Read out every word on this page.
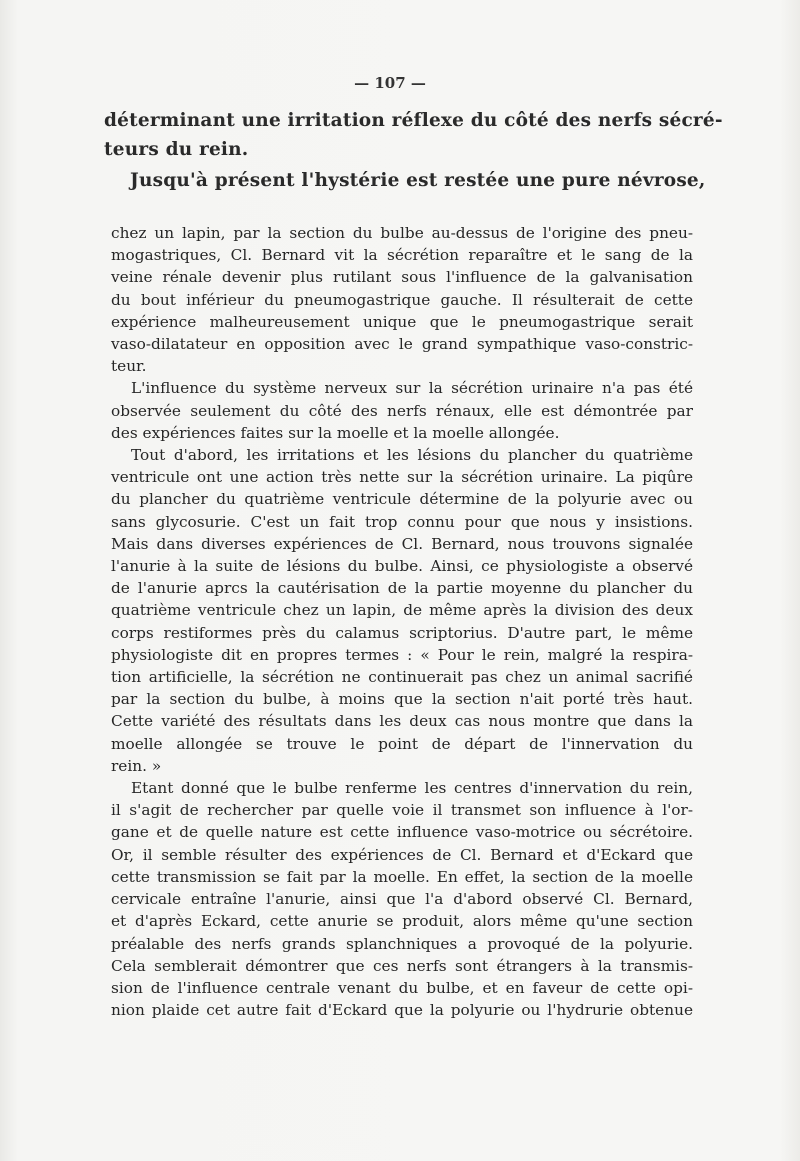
— 107 —
déterminant une irritation réflexe du côté des nerfs sécré-
teurs du rein.
Jusqu'à présent l'hystérie est restée une pure névrose,

chez un lapin, par la section du bulbe au-dessus de l'origine des pneu-
mogastriques, Cl. Bernard vit la sécrétion reparaître et le sang de la
veine rénale devenir plus rutilant sous l'influence de la galvanisation
du bout inférieur du pneumogastrique gauche. Il résulterait de cette
expérience malheureusement unique que le pneumogastrique serait
vaso-dilatateur en opposition avec le grand sympathique vaso-constric-
teur.

L'influence du système nerveux sur la sécrétion urinaire n'a pas été
observée seulement du côté des nerfs rénaux, elle est démontrée par
des expériences faites sur la moelle et la moelle allongée.

Tout d'abord, les irritations et les lésions du plancher du quatrième
ventricule ont une action très nette sur la sécrétion urinaire. La piqûre
du plancher du quatrième ventricule détermine de la polyurie avec ou
sans glycosurie. C'est un fait trop connu pour que nous y insistions.
Mais dans diverses expériences de Cl. Bernard, nous trouvons signalée
l'anurie à la suite de lésions du bulbe. Ainsi, ce physiologiste a observé
de l'anurie aprcs la cautérisation de la partie moyenne du plancher du
quatrième ventricule chez un lapin, de même après la division des deux
corps restiformes près du calamus scriptorius. D'autre part, le même
physiologiste dit en propres termes : « Pour le rein, malgré la respira-
tion artificielle, la sécrétion ne continuerait pas chez un animal sacrifié
par la section du bulbe, à moins que la section n'ait porté très haut.
Cette variété des résultats dans les deux cas nous montre que dans la
moelle allongée se trouve le point de départ de l'innervation du
rein. »

Etant donné que le bulbe renferme les centres d'innervation du rein,
il s'agit de rechercher par quelle voie il transmet son influence à l'or-
gane et de quelle nature est cette influence vaso-motrice ou sécrétoire.
Or, il semble résulter des expériences de Cl. Bernard et d'Eckard que
cette transmission se fait par la moelle. En effet, la section de la moelle
cervicale entraîne l'anurie, ainsi que l'a d'abord observé Cl. Bernard,
et d'après Eckard, cette anurie se produit, alors même qu'une section
préalable des nerfs grands splanchniques a provoqué de la polyurie.
Cela semblerait démontrer que ces nerfs sont étrangers à la transmis-
sion de l'influence centrale venant du bulbe, et en faveur de cette opi-
nion plaide cet autre fait d'Eckard que la polyurie ou l'hydrurie obtenue
